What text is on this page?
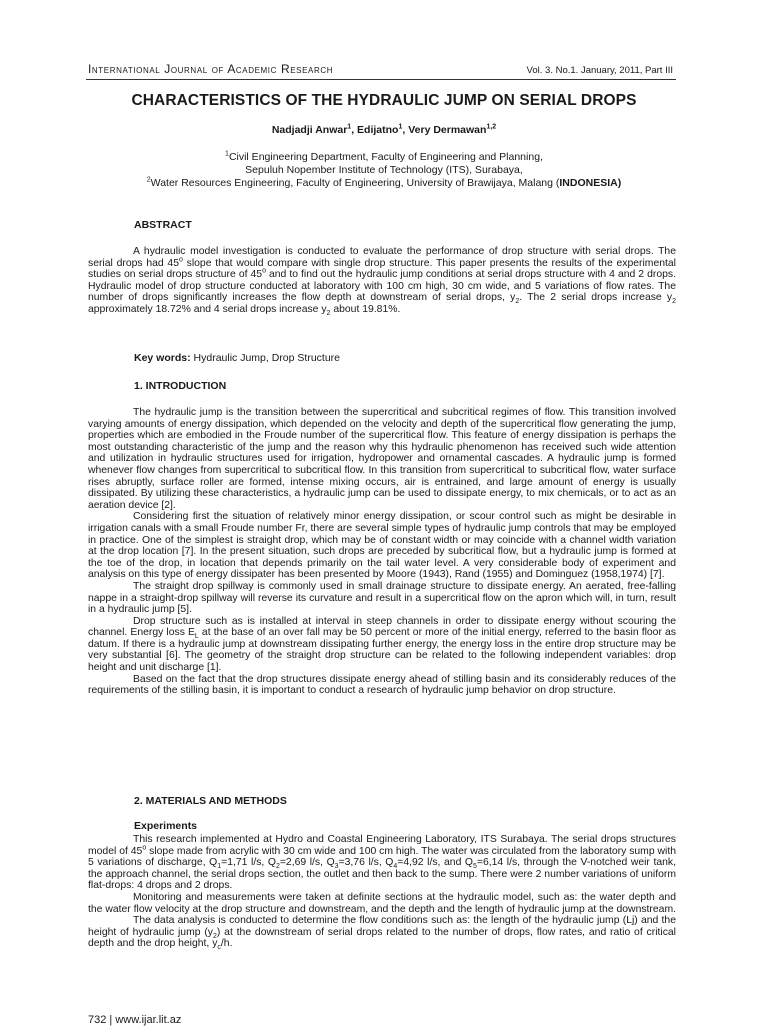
International Journal of Academic Research	Vol. 3. No.1. January, 2011, Part III
CHARACTERISTICS OF THE HYDRAULIC JUMP ON SERIAL DROPS
Nadjadji Anwar$^1$, Edijatno$^1$, Very Dermawan$^{1,2}$
$^1$Civil Engineering Department, Faculty of Engineering and Planning,
Sepuluh Nopember Institute of Technology (ITS), Surabaya,
$^2$Water Resources Engineering, Faculty of Engineering, University of Brawijaya, Malang (INDONESIA)
ABSTRACT

A hydraulic model investigation is conducted to evaluate the performance of drop structure with serial drops. The serial drops had 45$^o$ slope that would compare with single drop structure. This paper presents the results of the experimental studies on serial drops structure of 45$^o$ and to find out the hydraulic jump conditions at serial drops structure with 4 and 2 drops. Hydraulic model of drop structure conducted at laboratory with 100 cm high, 30 cm wide, and 5 variations of flow rates. The number of drops significantly increases the flow depth at downstream of serial drops, $y_2$. The 2 serial drops increase $y_2$ approximately 18.72% and 4 serial drops increase $y_2$ about 19.81%.

Key words: Hydraulic Jump, Drop Structure
1. INTRODUCTION

The hydraulic jump is the transition between the supercritical and subcritical regimes of flow. This transition involved varying amounts of energy dissipation, which depended on the velocity and depth of the supercritical flow generating the jump, properties which are embodied in the Froude number of the supercritical flow. This feature of energy dissipation is perhaps the most outstanding characteristic of the jump and the reason why this hydraulic phenomenon has received such wide attention and utilization in hydraulic structures used for irrigation, hydropower and ornamental cascades. A hydraulic jump is formed whenever flow changes from supercritical to subcritical flow. In this transition from supercritical to subcritical flow, water surface rises abruptly, surface roller are formed, intense mixing occurs, air is entrained, and large amount of energy is usually dissipated. By utilizing these characteristics, a hydraulic jump can be used to dissipate energy, to mix chemicals, or to act as an aeration device [2].

Considering first the situation of relatively minor energy dissipation, or scour control such as might be desirable in irrigation canals with a small Froude number Fr, there are several simple types of hydraulic jump controls that may be employed in practice. One of the simplest is straight drop, which may be of constant width or may coincide with a channel width variation at the drop location [7]. In the present situation, such drops are preceded by subcritical flow, but a hydraulic jump is formed at the toe of the drop, in location that depends primarily on the tail water level. A very considerable body of experiment and analysis on this type of energy dissipater has been presented by Moore (1943), Rand (1955) and Dominguez (1958,1974) [7].

The straight drop spillway is commonly used in small drainage structure to dissipate energy. An aerated, free-falling nappe in a straight-drop spillway will reverse its curvature and result in a supercritical flow on the apron which will, in turn, result in a hydraulic jump [5].

Drop structure such as is installed at interval in steep channels in order to dissipate energy without scouring the channel. Energy loss $E_L$ at the base of an over fall may be 50 percent or more of the initial energy, referred to the basin floor as datum. If there is a hydraulic jump at downstream dissipating further energy, the energy loss in the entire drop structure may be very substantial [6]. The geometry of the straight drop structure can be related to the following independent variables: drop height and unit discharge [1].

Based on the fact that the drop structures dissipate energy ahead of stilling basin and its considerably reduces of the requirements of the stilling basin, it is important to conduct a research of hydraulic jump behavior on drop structure.

2. MATERIALS AND METHODS
Experiments

This research implemented at Hydro and Coastal Engineering Laboratory, ITS Surabaya. The serial drops structures model of 45$^o$ slope made from acrylic with 30 cm wide and 100 cm high. The water was circulated from the laboratory sump with 5 variations of discharge, $Q_1=1,71$ l/s, $Q_2=2,69$ l/s, $Q_3=3,76$ l/s, $Q_4=4,92$ l/s, and $Q_5=6,14$ l/s, through the V-notched weir tank, the approach channel, the serial drops section, the outlet and then back to the sump. There were 2 number variations of uniform flat-drops: 4 drops and 2 drops.

Monitoring and measurements were taken at definite sections at the hydraulic model, such as: the water depth and the water flow velocity at the drop structure and downstream, and the depth and the length of hydraulic jump at the downstream.

The data analysis is conducted to determine the flow conditions such as: the length of the hydraulic jump (Lj) and the height of hydraulic jump $(y_2)$ at the downstream of serial drops related to the number of drops, flow rates, and ratio of critical depth and the drop height, $y_c/h$.

732 | www.ijar.lit.az
